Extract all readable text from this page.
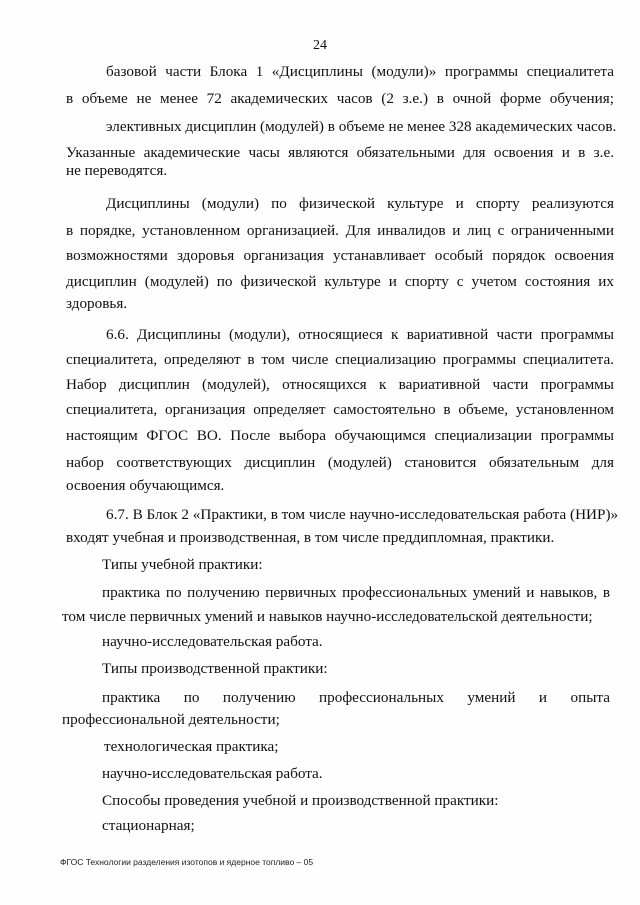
24
базовой части Блока 1 «Дисциплины (модули)» программы специалитета
в объеме не менее 72 академических часов (2 з.е.) в очной форме обучения;
элективных дисциплин (модулей) в объеме не менее 328 академических часов.
Указанные академические часы являются обязательными для освоения и в з.е.
не переводятся.
Дисциплины (модули) по физической культуре и спорту реализуются
в порядке, установленном организацией. Для инвалидов и лиц с ограниченными
возможностями здоровья организация устанавливает особый порядок освоения
дисциплин (модулей) по физической культуре и спорту с учетом состояния их
здоровья.
6.6. Дисциплины (модули), относящиеся к вариативной части программы
специалитета, определяют в том числе специализацию программы специалитета.
Набор дисциплин (модулей), относящихся к вариативной части программы
специалитета, организация определяет самостоятельно в объеме, установленном
настоящим ФГОС ВО. После выбора обучающимся специализации программы
набор соответствующих дисциплин (модулей) становится обязательным для
освоения обучающимся.
6.7. В Блок 2 «Практики, в том числе научно-исследовательская работа (НИР)»
входят учебная и производственная, в том числе преддипломная, практики.
Типы учебной практики:
практика по получению первичных профессиональных умений и навыков, в
том числе первичных умений и навыков научно-исследовательской деятельности;
научно-исследовательская работа.
Типы производственной практики:
практика по получению профессиональных умений и опыта
профессиональной деятельности;
технологическая практика;
научно-исследовательская работа.
Способы проведения учебной и производственной практики:
стационарная;
ФГОС Технологии разделения изотопов и ядерное топливо – 05
